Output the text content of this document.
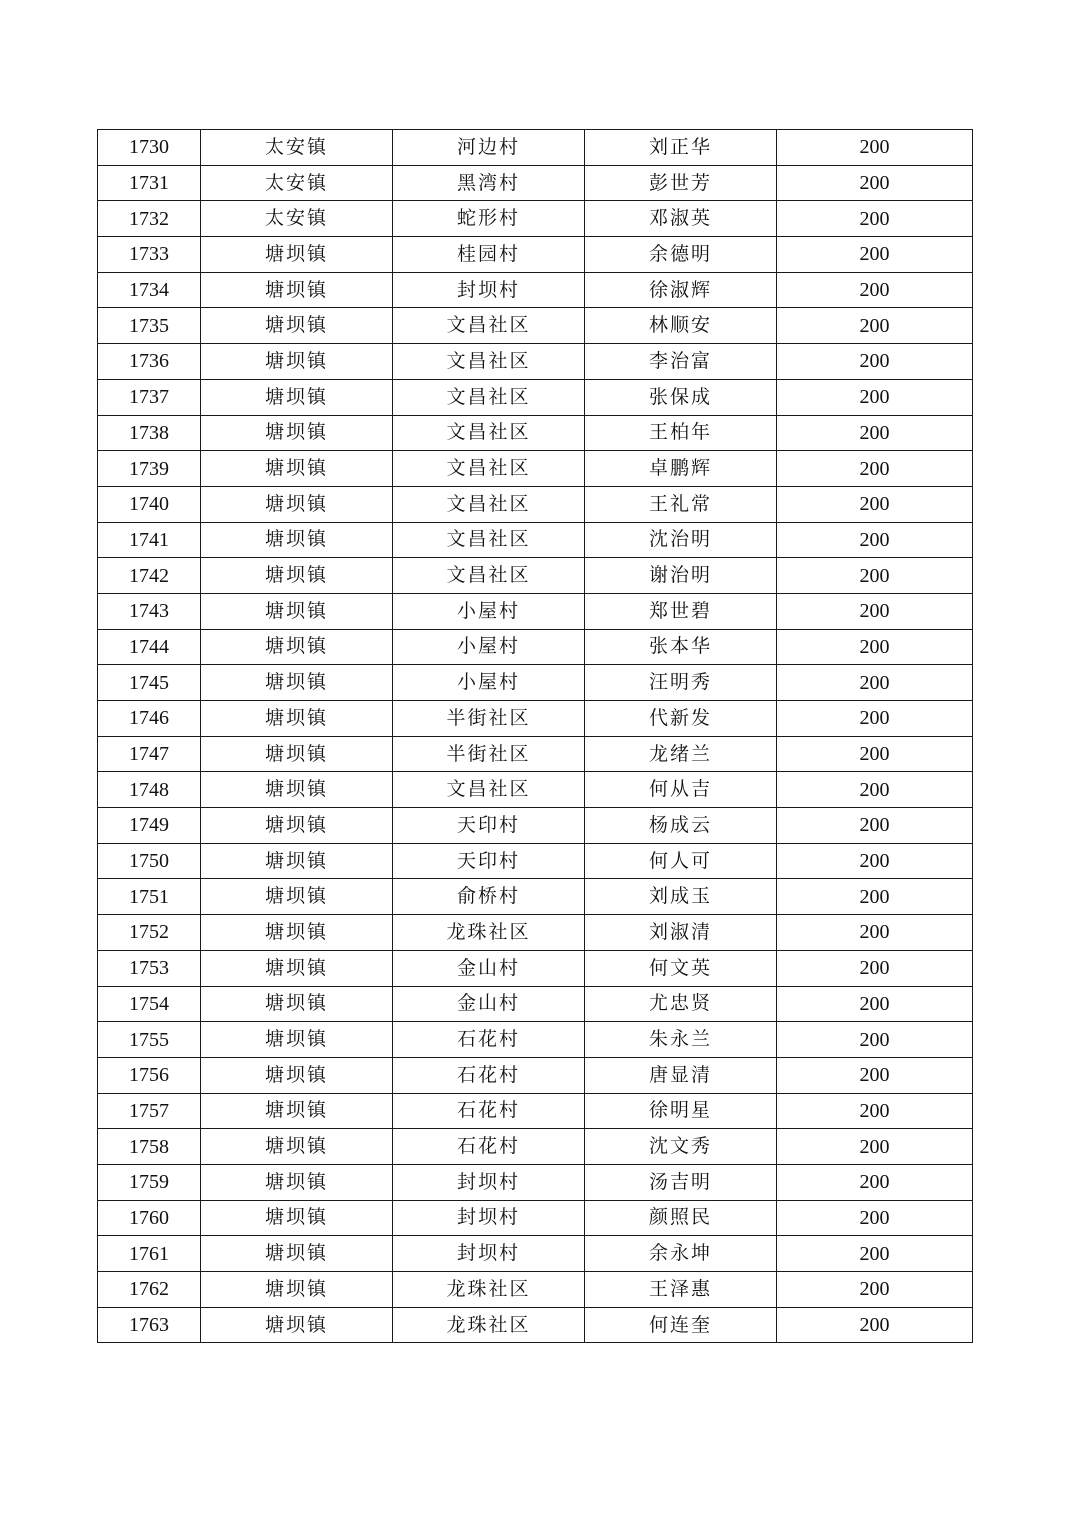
1730	太安镇	河边村	刘正华	200
1731	太安镇	黑湾村	彭世芳	200
1732	太安镇	蛇形村	邓淑英	200
1733	塘坝镇	桂园村	余德明	200
1734	塘坝镇	封坝村	徐淑辉	200
1735	塘坝镇	文昌社区	林顺安	200
1736	塘坝镇	文昌社区	李治富	200
1737	塘坝镇	文昌社区	张保成	200
1738	塘坝镇	文昌社区	王柏年	200
1739	塘坝镇	文昌社区	卓鹏辉	200
1740	塘坝镇	文昌社区	王礼常	200
1741	塘坝镇	文昌社区	沈治明	200
1742	塘坝镇	文昌社区	谢治明	200
1743	塘坝镇	小屋村	郑世碧	200
1744	塘坝镇	小屋村	张本华	200
1745	塘坝镇	小屋村	汪明秀	200
1746	塘坝镇	半街社区	代新发	200
1747	塘坝镇	半街社区	龙绪兰	200
1748	塘坝镇	文昌社区	何从吉	200
1749	塘坝镇	天印村	杨成云	200
1750	塘坝镇	天印村	何人可	200
1751	塘坝镇	俞桥村	刘成玉	200
1752	塘坝镇	龙珠社区	刘淑清	200
1753	塘坝镇	金山村	何文英	200
1754	塘坝镇	金山村	尤忠贤	200
1755	塘坝镇	石花村	朱永兰	200
1756	塘坝镇	石花村	唐显清	200
1757	塘坝镇	石花村	徐明星	200
1758	塘坝镇	石花村	沈文秀	200
1759	塘坝镇	封坝村	汤吉明	200
1760	塘坝镇	封坝村	颜照民	200
1761	塘坝镇	封坝村	余永坤	200
1762	塘坝镇	龙珠社区	王泽惠	200
1763	塘坝镇	龙珠社区	何连奎	200
